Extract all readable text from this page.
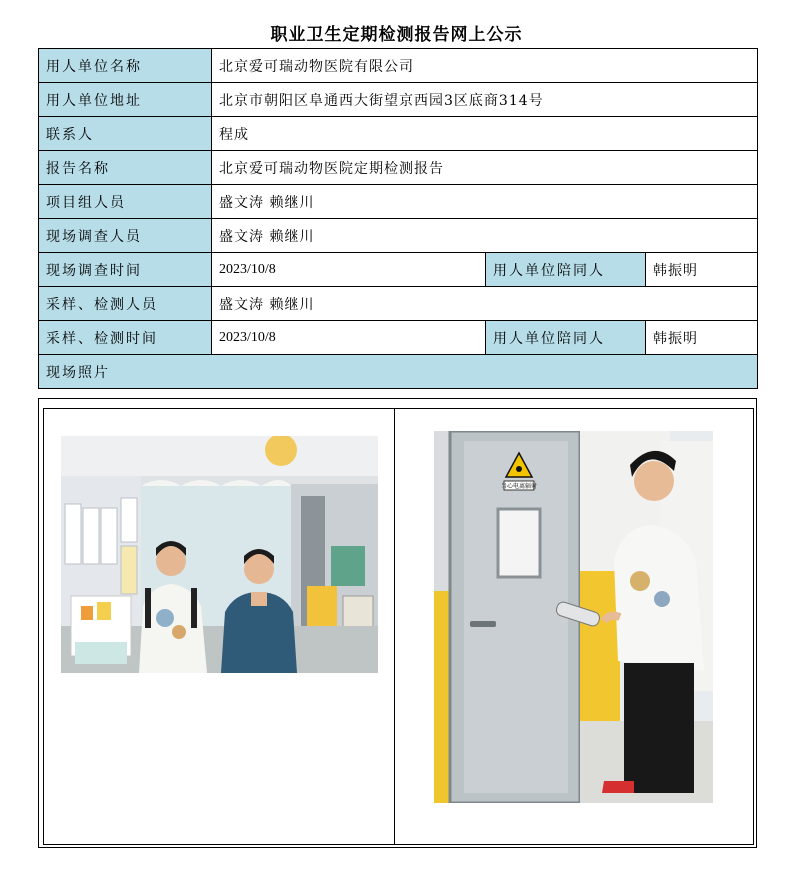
职业卫生定期检测报告网上公示
用人单位名称	北京爱可瑞动物医院有限公司		
用人单位地址	北京市朝阳区阜通西大街望京西园3区底商314号		
联系人	程成		
报告名称	北京爱可瑞动物医院定期检测报告		
项目组人员	盛文涛 赖继川		
现场调查人员	盛文涛 赖继川		
现场调查时间	2023/10/8	用人单位陪同人	韩振明
采样、检测人员	盛文涛 赖继川		
采样、检测时间	2023/10/8	用人单位陪同人	韩振明
现场照片			
当心电离辐射
